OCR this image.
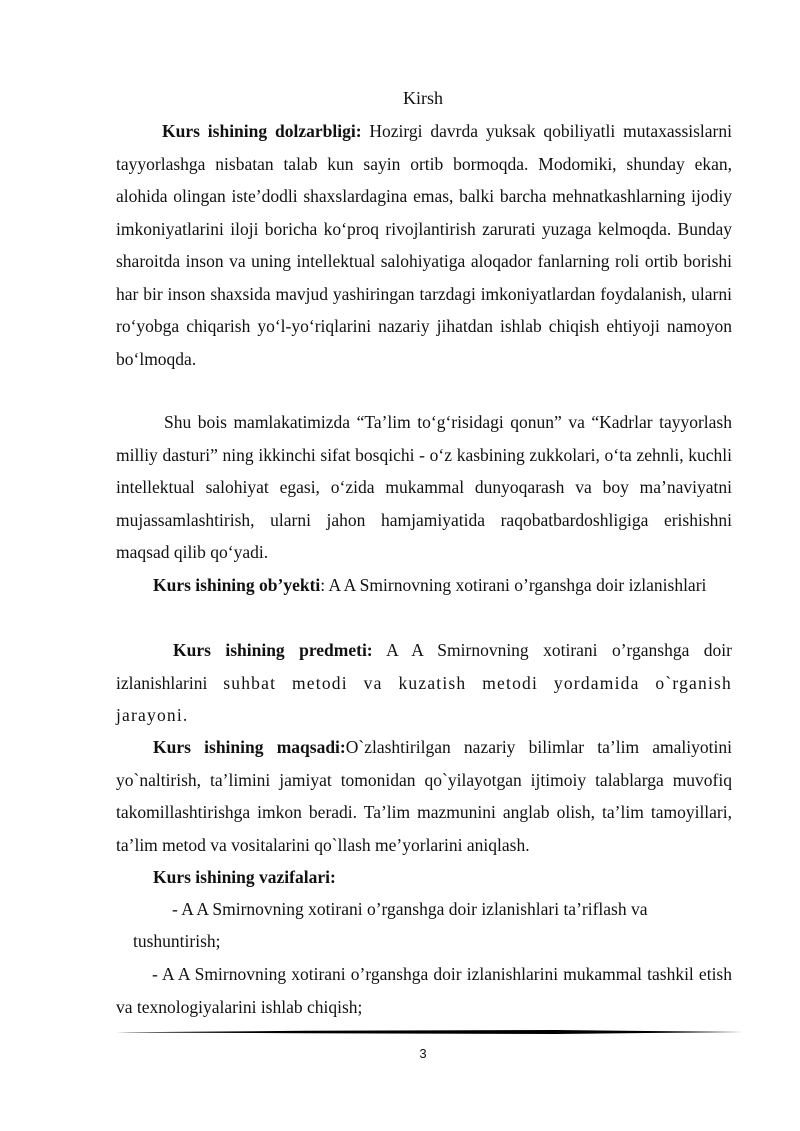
Kirsh
Kurs ishining dolzarbligi: Hozirgi davrda yuksak qobiliyatli mutaxassislarni tayyorlashga nisbatan talab kun sayin ortib bormoqda. Modomiki, shunday ekan, alohida olingan iste’dodli shaxslardagina emas, balki barcha mehnatkashlarning ijodiy imkoniyatlarini iloji boricha ko‘proq rivojlantirish zarurati yuzaga kelmoqda. Bunday sharoitda inson va uning intellektual salohiyatiga aloqador fanlarning roli ortib borishi har bir inson shaxsida mavjud yashiringan tarzdagi imkoniyatlardan foydalanish, ularni ro‘yobga chiqarish yo‘l-yo‘riqlarini nazariy jihatdan ishlab chiqish ehtiyoji namoyon bo‘lmoqda.
Shu bois mamlakatimizda “Ta’lim to‘g‘risidagi qonun” va “Kadrlar tayyorlash milliy dasturi” ning ikkinchi sifat bosqichi - o‘z kasbining zukkolari, o‘ta zehnli, kuchli intellektual salohiyat egasi, o‘zida mukammal dunyoqarash va boy ma’naviyatni mujassamlashtirish, ularni jahon hamjamiyatida raqobatbardoshligiga erishishni maqsad qilib qo‘yadi.
Kurs ishining ob’yekti: A A Smirnovning xotirani o’rganshga doir izlanishlari
Kurs ishining predmeti: A A Smirnovning xotirani o’rganshga doir izlanishlarini suhbat metodi va kuzatish metodi yordamida o`rganish jarayoni.
Kurs ishining maqsadi:O`zlashtirilgan nazariy bilimlar ta’lim amaliyotini yo`naltirish, ta’limini jamiyat tomonidan qo`yilayotgan ijtimoiy talablarga muvofiq takomillashtirishga imkon beradi. Ta’lim mazmunini anglab olish, ta’lim tamoyillari, ta’lim metod va vositalarini qo`llash me’yorlarini aniqlash.
Kurs ishining vazifalari:
- A A Smirnovning xotirani o’rganshga doir izlanishlari ta’riflash va
tushuntirish;
- A A Smirnovning xotirani o’rganshga doir izlanishlarini mukammal tashkil etish va texnologiyalarini ishlab chiqish;
3
